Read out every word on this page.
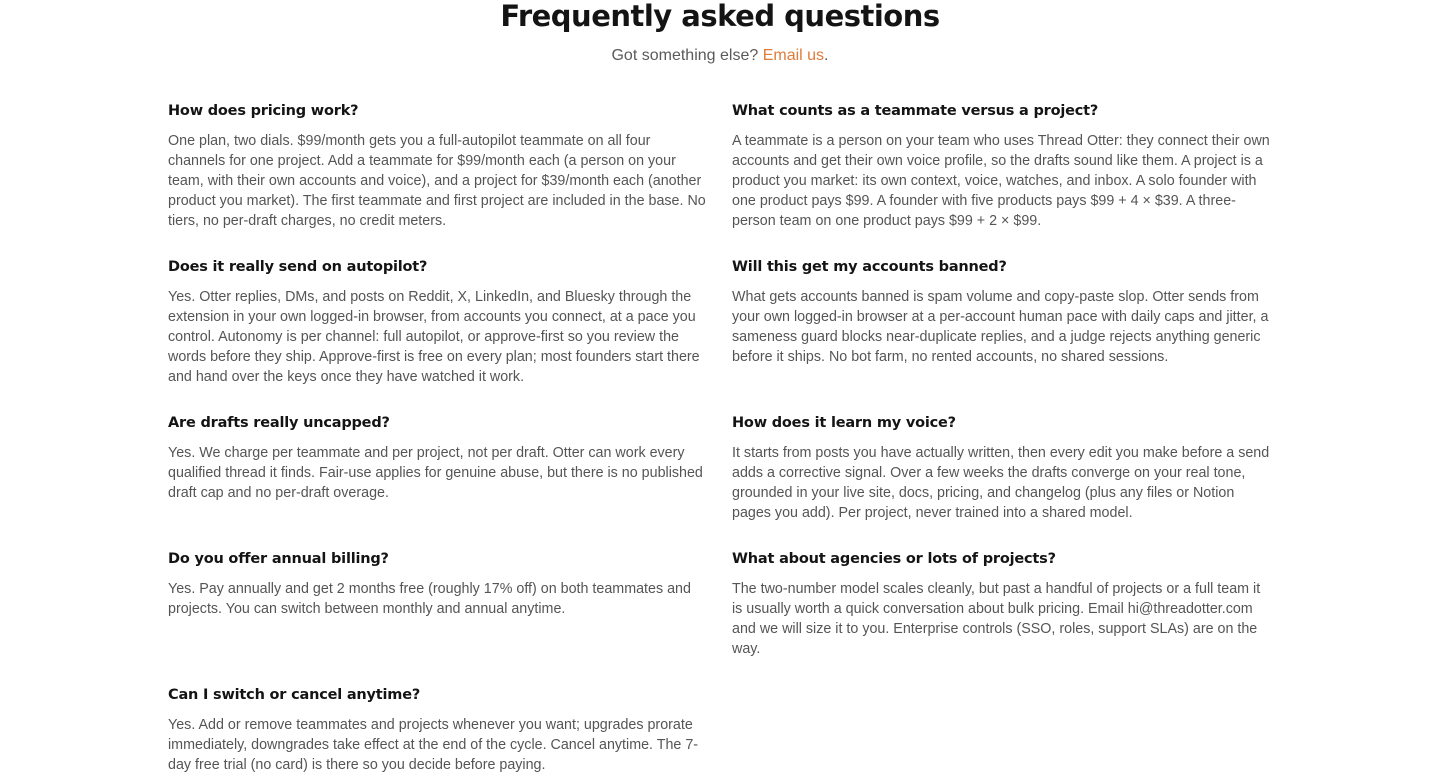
Frequently asked questions
Got something else? Email us.
How does pricing work?

One plan, two dials. $99/month gets you a full-autopilot teammate on all four channels for one project. Add a teammate for $99/month each (a person on your team, with their own accounts and voice), and a project for $39/month each (another product you market). The first teammate and first project are included in the base. No tiers, no per-draft charges, no credit meters.

What counts as a teammate versus a project?

A teammate is a person on your team who uses Thread Otter: they connect their own accounts and get their own voice profile, so the drafts sound like them. A project is a product you market: its own context, voice, watches, and inbox. A solo founder with one product pays $99. A founder with five products pays $99 + 4 × $39. A three-person team on one product pays $99 + 2 × $99.

Does it really send on autopilot?

Yes. Otter replies, DMs, and posts on Reddit, X, LinkedIn, and Bluesky through the extension in your own logged-in browser, from accounts you connect, at a pace you control. Autonomy is per channel: full autopilot, or approve-first so you review the words before they ship. Approve-first is free on every plan; most founders start there and hand over the keys once they have watched it work.

Will this get my accounts banned?

What gets accounts banned is spam volume and copy-paste slop. Otter sends from your own logged-in browser at a per-account human pace with daily caps and jitter, a sameness guard blocks near-duplicate replies, and a judge rejects anything generic before it ships. No bot farm, no rented accounts, no shared sessions.

Are drafts really uncapped?

Yes. We charge per teammate and per project, not per draft. Otter can work every qualified thread it finds. Fair-use applies for genuine abuse, but there is no published draft cap and no per-draft overage.

How does it learn my voice?

It starts from posts you have actually written, then every edit you make before a send adds a corrective signal. Over a few weeks the drafts converge on your real tone, grounded in your live site, docs, pricing, and changelog (plus any files or Notion pages you add). Per project, never trained into a shared model.

Do you offer annual billing?

Yes. Pay annually and get 2 months free (roughly 17% off) on both teammates and projects. You can switch between monthly and annual anytime.

What about agencies or lots of projects?

The two-number model scales cleanly, but past a handful of projects or a full team it is usually worth a quick conversation about bulk pricing. Email hi@threadotter.com and we will size it to you. Enterprise controls (SSO, roles, support SLAs) are on the way.

Can I switch or cancel anytime?

Yes. Add or remove teammates and projects whenever you want; upgrades prorate immediately, downgrades take effect at the end of the cycle. Cancel anytime. The 7-day free trial (no card) is there so you decide before paying.
